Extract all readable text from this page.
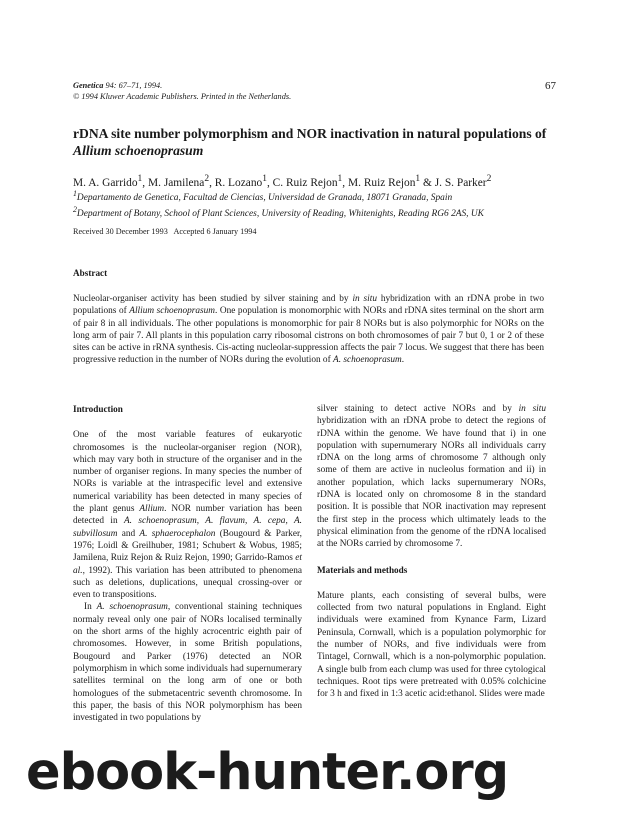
Genetica 94: 67–71, 1994.
© 1994 Kluwer Academic Publishers. Printed in the Netherlands.
67
rDNA site number polymorphism and NOR inactivation in natural populations of Allium schoenoprasum
M. A. Garrido$^1$, M. Jamilena$^2$, R. Lozano$^1$, C. Ruiz Rejon$^1$, M. Ruiz Rejon$^1$ & J. S. Parker$^2$
$^1$Departamento de Genetica, Facultad de Ciencias, Universidad de Granada, 18071 Granada, Spain
$^2$Department of Botany, School of Plant Sciences, University of Reading, Whitenights, Reading RG6 2AS, UK
Received 30 December 1993   Accepted 6 January 1994
Abstract
Nucleolar-organiser activity has been studied by silver staining and by in situ hybridization with an rDNA probe in two populations of Allium schoenoprasum. One population is monomorphic with NORs and rDNA sites terminal on the short arm of pair 8 in all individuals. The other populations is monomorphic for pair 8 NORs but is also polymorphic for NORs on the long arm of pair 7. All plants in this population carry ribosomal cistrons on both chromosomes of pair 7 but 0, 1 or 2 of these sites can be active in rRNA synthesis. Cis-acting nucleolar-suppression affects the pair 7 locus. We suggest that there has been progressive reduction in the number of NORs during the evolution of A. schoenoprasum.

Introduction

One of the most variable features of eukaryotic chromosomes is the nucleolar-organiser region (NOR), which may vary both in structure of the organiser and in the number of organiser regions. In many species the number of NORs is variable at the intraspecific level and extensive numerical variability has been detected in many species of the plant genus Allium. NOR number variation has been detected in A. schoenoprasum, A. flavum, A. cepa, A. subvillosum and A. sphaerocephalon (Bougourd & Parker, 1976; Loidl & Greilhuber, 1981; Schubert & Wobus, 1985; Jamilena, Ruiz Rejon & Ruiz Rejon, 1990; Garrido-Ramos et al., 1992). This variation has been attributed to phenomena such as deletions, duplications, unequal crossing-over or even to transpositions.

In A. schoenoprasum, conventional staining techniques normaly reveal only one pair of NORs localised terminally on the short arms of the highly acrocentric eighth pair of chromosomes. However, in some British populations, Bougourd and Parker (1976) detected an NOR polymorphism in which some individuals had supernumerary satellites terminal on the long arm of one or both homologues of the submetacentric seventh chromosome. In this paper, the basis of this NOR polymorphism has been investigated in two populations by

silver staining to detect active NORs and by in situ hybridization with an rDNA probe to detect the regions of rDNA within the genome. We have found that i) in one population with supernumerary NORs all individuals carry rDNA on the long arms of chromosome 7 although only some of them are active in nucleolus formation and ii) in another population, which lacks supernumerary NORs, rDNA is located only on chromosome 8 in the standard position. It is possible that NOR inactivation may represent the first step in the process which ultimately leads to the physical elimination from the genome of the rDNA localised at the NORs carried by chromosome 7.

Materials and methods

Mature plants, each consisting of several bulbs, were collected from two natural populations in England. Eight individuals were examined from Kynance Farm, Lizard Peninsula, Cornwall, which is a population polymorphic for the number of NORs, and five individuals were from Tintagel, Cornwall, which is a non-polymorphic population. A single bulb from each clump was used for three cytological techniques. Root tips were pretreated with 0.05% colchicine for 3 h and fixed in 1:3 acetic acid:ethanol. Slides were made

ebook-hunter.org
